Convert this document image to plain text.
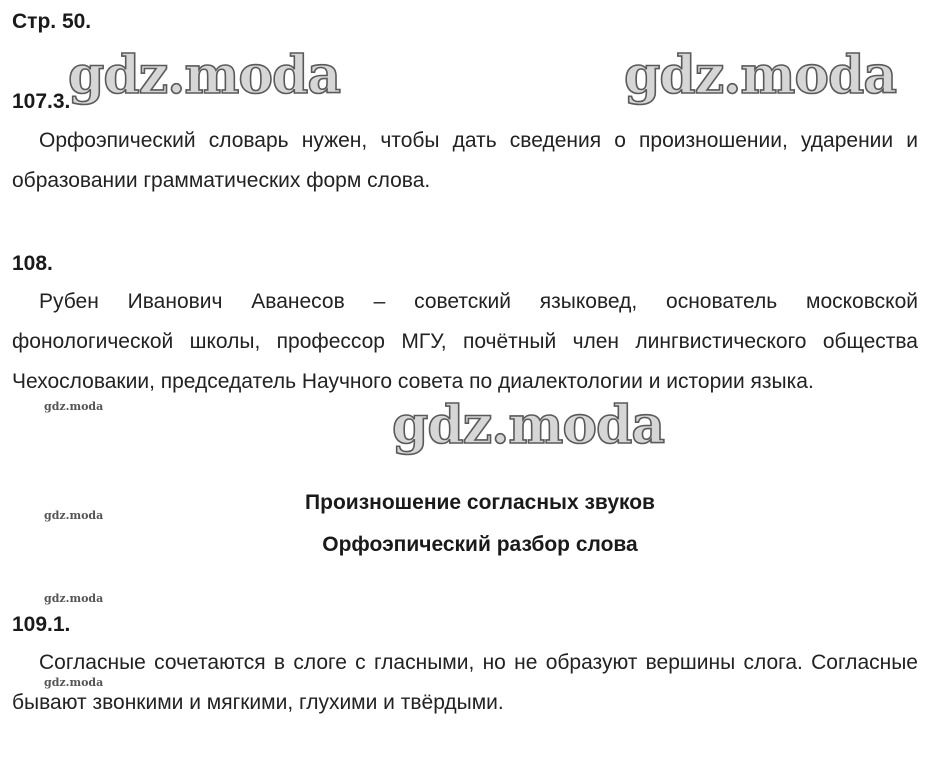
Стр. 50.
gdz.moda	gdz.moda
gdz.moda
gdz.moda
gdz.moda
gdz.moda
gdz.moda
107.3.
Орфоэпический словарь нужен, чтобы дать сведения о произношении, ударении и образовании грамматических форм слова.
108.
Рубен Иванович Аванесов – советский языковед, основатель московской фонологической школы, профессор МГУ, почётный член лингвистического общества Чехословакии, председатель Научного совета по диалектологии и истории языка.
Произношение согласных звуков
Орфоэпический разбор слова
109.1.
Согласные сочетаются в слоге с гласными, но не образуют вершины слога. Согласные бывают звонкими и мягкими, глухими и твёрдыми.
